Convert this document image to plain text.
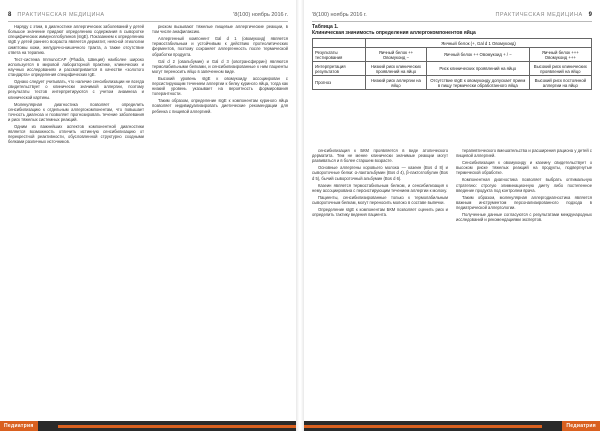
8 ПРАКТИЧЕСКАЯ МЕДИЦИНА	'8(100) ноябрь 2016 г.

Наряду с этим, в диагностике аллергических заболеваний у детей большое значение придают определению содержания в сыворотке специфических иммуноглобулинов (sIgE). Показанием к определению sIgE у детей раннего возраста является дерматит, неясной этиологии симптомы кожи, желудочно-кишечного тракта, а также отсутствие ответа на терапию.

Тест-система ImmunoCAP (Phadia, Швеция) наиболее широко используется в мировой лабораторной практике, клинических и научных исследованиях и рассматривается в качестве «золотого стандарта» определения специфических IgE.

Однако следует учитывать, что наличие сенсибилизации не всегда свидетельствует о клинически значимой аллергии, поэтому результаты тестов интерпретируются с учетом анамнеза и клинической картины.

Молекулярная диагностика позволяет определить сенсибилизацию к отдельным аллергокомпонентам, что повышает точность диагноза и позволяет прогнозировать течение заболевания и риск тяжелых системных реакций.

Одним из важнейших аспектов компонентной диагностики является возможность отличить истинную сенсибилизацию от перекрестной реактивности, обусловленной структурно сходными белками различных источников.

риском вызывают тяжелые пищевые аллергические реакции, в том числе анафилаксию.

Аллергенный компонент Gal d 1 (овомукоид) является термостабильным и устойчивым к действию протеолитических ферментов, поэтому сохраняет аллергенность после термической обработки продукта.

Gal d 2 (овальбумин) и Gal d 3 (овотрансферрин) являются термолабильными белками, и сенсибилизированные к ним пациенты могут переносить яйцо в запеченном виде.

Высокий уровень sIgE к овомукоиду ассоциирован с персистирующим течением аллергии к белку куриного яйца, тогда как низкий уровень указывает на вероятность формирования толерантности.

Таким образом, определение sIgE к компонентам куриного яйца позволяет индивидуализировать диетические рекомендации для ребенка с пищевой аллергией.

Педиатрия
'8(100) ноябрь 2016 г.	ПРАКТИЧЕСКАЯ МЕДИЦИНА 9
Таблица 1.
Клиническая значимость определения аллергокомпонентов яйца
	Яичный белок (+, Gal d 1 Овомукоид)		
Результаты тестирования	Яичный белок ++ Овомукоид −	Яичный белок ++ Овомукоид + / −	Яичный белок +++ Овомукоид +++
Интерпретация результатов	Низкий риск клинических проявлений на яйцо	Риск клинических проявлений на яйцо	Высокий риск клинических проявлений на яйцо
Прогноз	Низкий риск аллергии на яйцо	Отсутствие sIgE к овомукоиду допускает прием в пищу термически обработанного яйца	Высокий риск постоянной аллергии на яйцо

сенсибилизация к БКМ проявляется в виде атопического дерматита. Тем не менее клинически значимые реакции могут развиваться и в более старшем возрасте.

Основные аллергены коровьего молока — казеин (Bos d 8) и сывороточные белки: α-лактальбумин (Bos d 4), β-лактоглобулин (Bos d 5), бычий сывороточный альбумин (Bos d 6).

Казеин является термостабильным белком, и сенсибилизация к нему ассоциирована с персистирующим течением аллергии к молоку.

Пациенты, сенсибилизированные только к термолабильным сывороточным белкам, могут переносить молоко в составе выпечки.

Определение sIgE к компонентам БКМ позволяет оценить риск и определить тактику ведения пациента.

терапевтического вмешательства и расширения рациона у детей с пищевой аллергией.

Сенсибилизация к овомукоиду и казеину свидетельствует о высоком риске тяжелых реакций на продукты, подвергнутые термической обработке.

Компонентная диагностика позволяет выбрать оптимальную стратегию: строгую элиминационную диету либо постепенное введение продукта под контролем врача.

Таким образом, молекулярная аллергодиагностика является важным инструментом персонализированного подхода в педиатрической аллергологии.

Полученные данные согласуются с результатами международных исследований и рекомендациями экспертов.

Педиатрия
